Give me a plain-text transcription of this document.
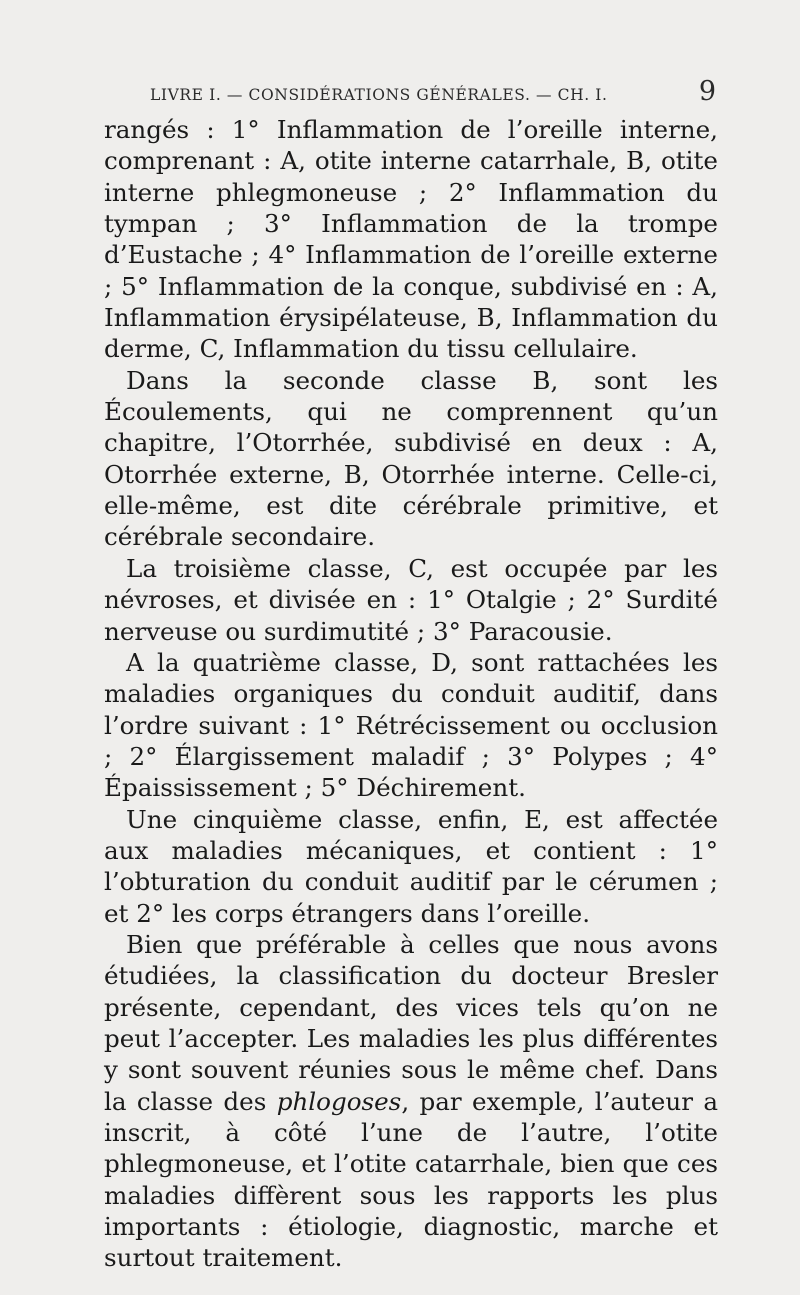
LIVRE I. — CONSIDÉRATIONS GÉNÉRALES. — CH. I.	9

rangés : 1° Inflammation de l’oreille interne, comprenant : A, otite interne catarrhale, B, otite interne phlegmoneuse ; 2° Inflammation du tympan ; 3° Inflammation de la trompe d’Eustache ; 4° Inflammation de l’oreille externe ; 5° Inflammation de la conque, subdivisé en : A, Inflammation érysipélateuse, B, Inflammation du derme, C, Inflammation du tissu cellulaire.

Dans la seconde classe B, sont les Écoulements, qui ne comprennent qu’un chapitre, l’Otorrhée, subdivisé en deux : A, Otorrhée externe, B, Otorrhée interne. Celle-ci, elle-même, est dite cérébrale primitive, et cérébrale secondaire.

La troisième classe, C, est occupée par les névroses, et divisée en : 1° Otalgie ; 2° Surdité nerveuse ou surdimutité ; 3° Paracousie.

A la quatrième classe, D, sont rattachées les maladies organiques du conduit auditif, dans l’ordre suivant : 1° Rétrécissement ou occlusion ; 2° Élargissement maladif ; 3° Polypes ; 4° Épaississement ; 5° Déchirement.

Une cinquième classe, enfin, E, est affectée aux maladies mécaniques, et contient : 1° l’obturation du conduit auditif par le cérumen ; et 2° les corps étrangers dans l’oreille.

Bien que préférable à celles que nous avons étudiées, la classification du docteur Bresler présente, cependant, des vices tels qu’on ne peut l’accepter. Les maladies les plus différentes y sont souvent réunies sous le même chef. Dans la classe des phlogoses, par exemple, l’auteur a inscrit, à côté l’une de l’autre, l’otite phlegmoneuse, et l’otite catarrhale, bien que ces maladies diffèrent sous les rapports les plus importants : étiologie, diagnostic, marche et surtout traitement.
